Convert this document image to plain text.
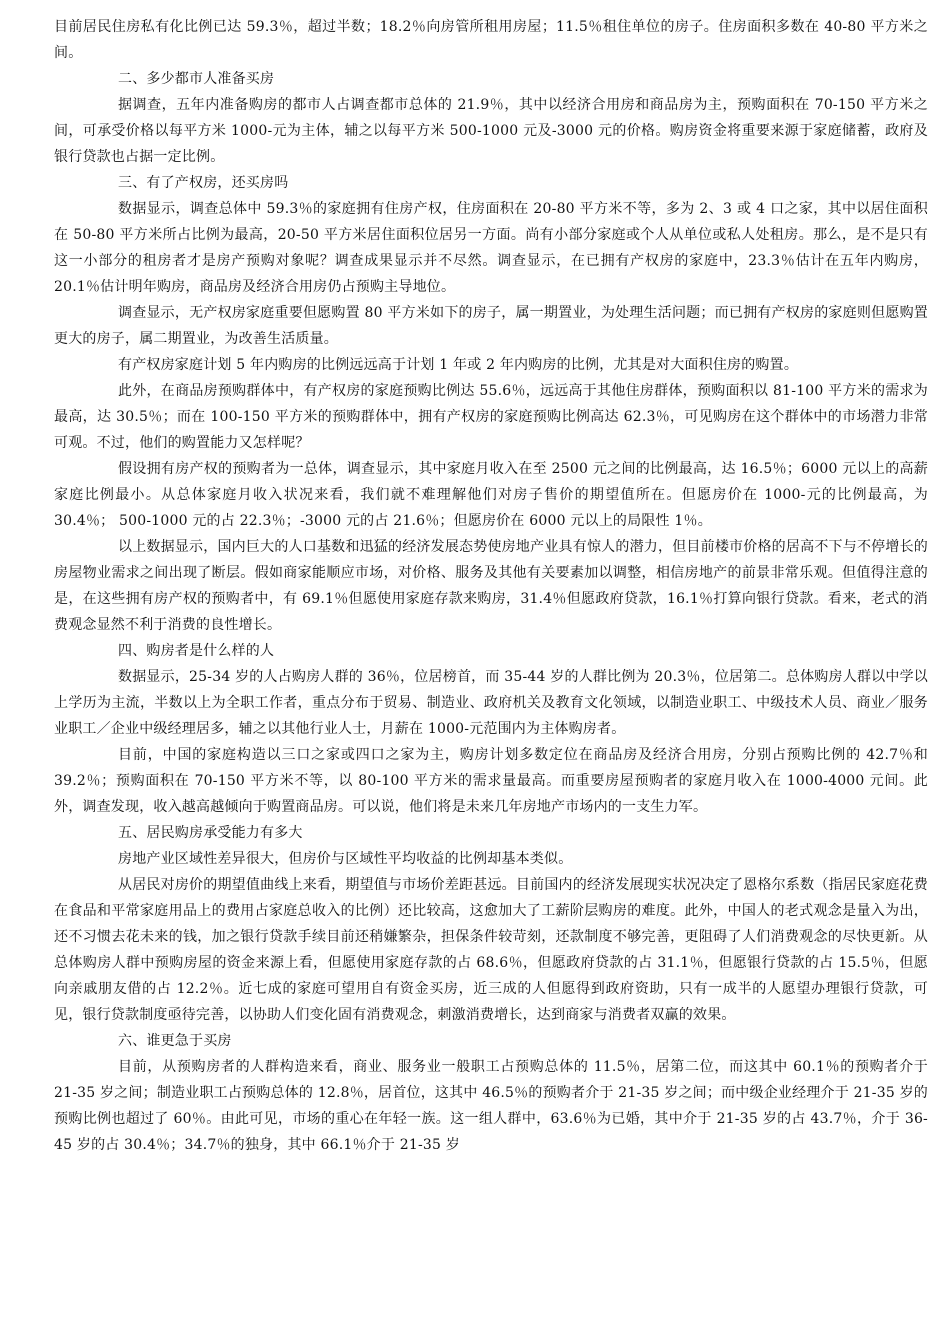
目前居民住房私有化比例已达 59.3％，超过半数；18.2％向房管所租用房屋；11.5％租住单位的房子。住房面积多数在 40-80 平方米之间。

二、多少都市人准备买房

据调查，五年内准备购房的都市人占调查都市总体的 21.9％，其中以经济合用房和商品房为主，预购面积在 70-150 平方米之间，可承受价格以每平方米 1000-元为主体，辅之以每平方米 500-1000 元及-3000 元的价格。购房资金将重要来源于家庭储蓄，政府及银行贷款也占据一定比例。

三、有了产权房，还买房吗

数据显示，调查总体中 59.3％的家庭拥有住房产权，住房面积在 20-80 平方米不等，多为 2、3 或 4 口之家，其中以居住面积在 50-80 平方米所占比例为最高，20-50 平方米居住面积位居另一方面。尚有小部分家庭或个人从单位或私人处租房。那么，是不是只有这一小部分的租房者才是房产预购对象呢？调查成果显示并不尽然。调查显示，在已拥有产权房的家庭中，23.3％估计在五年内购房，20.1％估计明年购房，商品房及经济合用房仍占预购主导地位。

调查显示，无产权房家庭重要但愿购置 80 平方米如下的房子，属一期置业，为处理生活问题；而已拥有产权房的家庭则但愿购置更大的房子，属二期置业，为改善生活质量。

有产权房家庭计划 5 年内购房的比例远远高于计划 1 年或 2 年内购房的比例，尤其是对大面积住房的购置。

此外，在商品房预购群体中，有产权房的家庭预购比例达 55.6％，远远高于其他住房群体，预购面积以 81-100 平方米的需求为最高，达 30.5％；而在 100-150 平方米的预购群体中，拥有产权房的家庭预购比例高达 62.3％，可见购房在这个群体中的市场潜力非常可观。不过，他们的购置能力又怎样呢？

假设拥有房产权的预购者为一总体，调查显示，其中家庭月收入在至 2500 元之间的比例最高，达 16.5％；6000 元以上的高薪家庭比例最小。从总体家庭月收入状况来看，我们就不难理解他们对房子售价的期望值所在。但愿房价在 1000-元的比例最高，为 30.4％； 500-1000 元的占 22.3％；-3000 元的占 21.6％；但愿房价在 6000 元以上的局限性 1％。

以上数据显示，国内巨大的人口基数和迅猛的经济发展态势使房地产业具有惊人的潜力，但目前楼市价格的居高不下与不停增长的房屋物业需求之间出现了断层。假如商家能顺应市场，对价格、服务及其他有关要素加以调整，相信房地产的前景非常乐观。但值得注意的是，在这些拥有房产权的预购者中，有 69.1％但愿使用家庭存款来购房，31.4％但愿政府贷款，16.1％打算向银行贷款。看来，老式的消费观念显然不利于消费的良性增长。

四、购房者是什么样的人

数据显示，25-34 岁的人占购房人群的 36％，位居榜首，而 35-44 岁的人群比例为 20.3％，位居第二。总体购房人群以中学以上学历为主流，半数以上为全职工作者，重点分布于贸易、制造业、政府机关及教育文化领域，以制造业职工、中级技术人员、商业／服务业职工／企业中级经理居多，辅之以其他行业人士，月薪在 1000-元范围内为主体购房者。

目前，中国的家庭构造以三口之家或四口之家为主，购房计划多数定位在商品房及经济合用房，分别占预购比例的 42.7％和 39.2％；预购面积在 70-150 平方米不等，以 80-100 平方米的需求量最高。而重要房屋预购者的家庭月收入在 1000-4000 元间。此外，调查发现，收入越高越倾向于购置商品房。可以说，他们将是未来几年房地产市场内的一支生力军。

五、居民购房承受能力有多大

房地产业区域性差异很大，但房价与区域性平均收益的比例却基本类似。

从居民对房价的期望值曲线上来看，期望值与市场价差距甚远。目前国内的经济发展现实状况决定了恩格尔系数（指居民家庭花费在食品和平常家庭用品上的费用占家庭总收入的比例）还比较高，这愈加大了工薪阶层购房的难度。此外，中国人的老式观念是量入为出，还不习惯去花未来的钱，加之银行贷款手续目前还稍嫌繁杂，担保条件较苛刻，还款制度不够完善，更阻碍了人们消费观念的尽快更新。从总体购房人群中预购房屋的资金来源上看，但愿使用家庭存款的占 68.6％，但愿政府贷款的占 31.1％，但愿银行贷款的占 15.5％，但愿向亲戚朋友借的占 12.2％。近七成的家庭可望用自有资金买房，近三成的人但愿得到政府资助，只有一成半的人愿望办理银行贷款，可见，银行贷款制度亟待完善，以协助人们变化固有消费观念，刺激消费增长，达到商家与消费者双赢的效果。

六、谁更急于买房

目前，从预购房者的人群构造来看，商业、服务业一般职工占预购总体的 11.5％，居第二位，而这其中 60.1％的预购者介于 21-35 岁之间；制造业职工占预购总体的 12.8％，居首位，这其中 46.5％的预购者介于 21-35 岁之间；而中级企业经理介于 21-35 岁的预购比例也超过了 60％。由此可见，市场的重心在年轻一族。这一组人群中，63.6％为已婚，其中介于 21-35 岁的占 43.7％，介于 36-45 岁的占 30.4％；34.7％的独身，其中 66.1％介于 21-35 岁
